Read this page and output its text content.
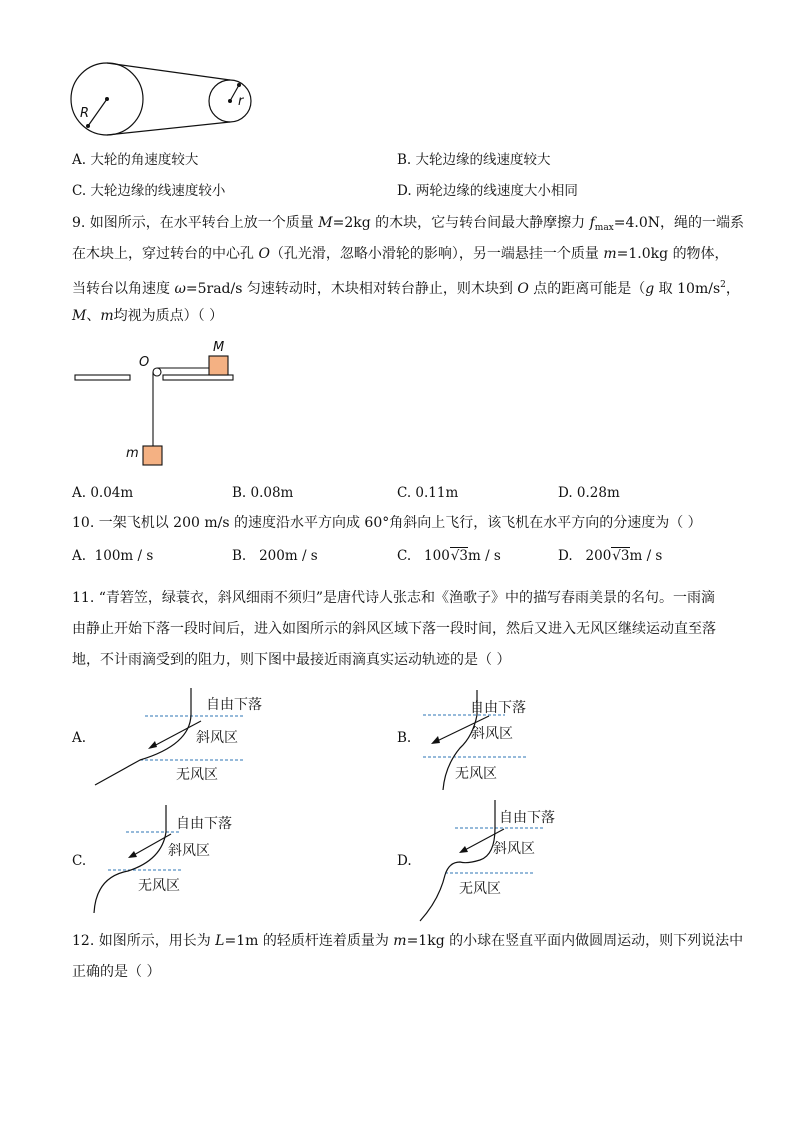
R
r
A. 大轮的角速度较大	B. 大轮边缘的线速度较大
C. 大轮边缘的线速度较小	D. 两轮边缘的线速度大小相同
9. 如图所示，在水平转台上放一个质量 M=2kg 的木块，它与转台间最大静摩擦力 $f_{max}=4.0N$，绳的一端系
在木块上，穿过转台的中心孔 O（孔光滑，忽略小滑轮的影响），另一端悬挂一个质量 m=1.0kg 的物体，
当转台以角速度 ω=5rad/s 匀速转动时，木块相对转台静止，则木块到 O 点的距离可能是（g 取 $10m/s^2$，
M、m均视为质点）（ ）
O
M
m
A. 0.04m	B. 0.08m	C. 0.11m	D. 0.28m
10. 一架飞机以 200 m/s 的速度沿水平方向成 60°角斜向上飞行，该飞机在水平方向的分速度为（ ）
A. 100m / s	B. 200m / s	C. 100√3m / s	D. 200√3m / s
11. “青箬笠，绿蓑衣，斜风细雨不须归”是唐代诗人张志和《渔歌子》中的描写春雨美景的名句。一雨滴
由静止开始下落一段时间后，进入如图所示的斜风区域下落一段时间，然后又进入无风区继续运动直至落
地，不计雨滴受到的阻力，则下图中最接近雨滴真实运动轨迹的是（ ）
A.
自由下落
斜风区
无风区
B.
自由下落
斜风区
无风区
C.
自由下落
斜风区
无风区
D.
自由下落
斜风区
无风区
12. 如图所示，用长为 L=1m 的轻质杆连着质量为 m=1kg 的小球在竖直平面内做圆周运动，则下列说法中
正确的是（ ）
